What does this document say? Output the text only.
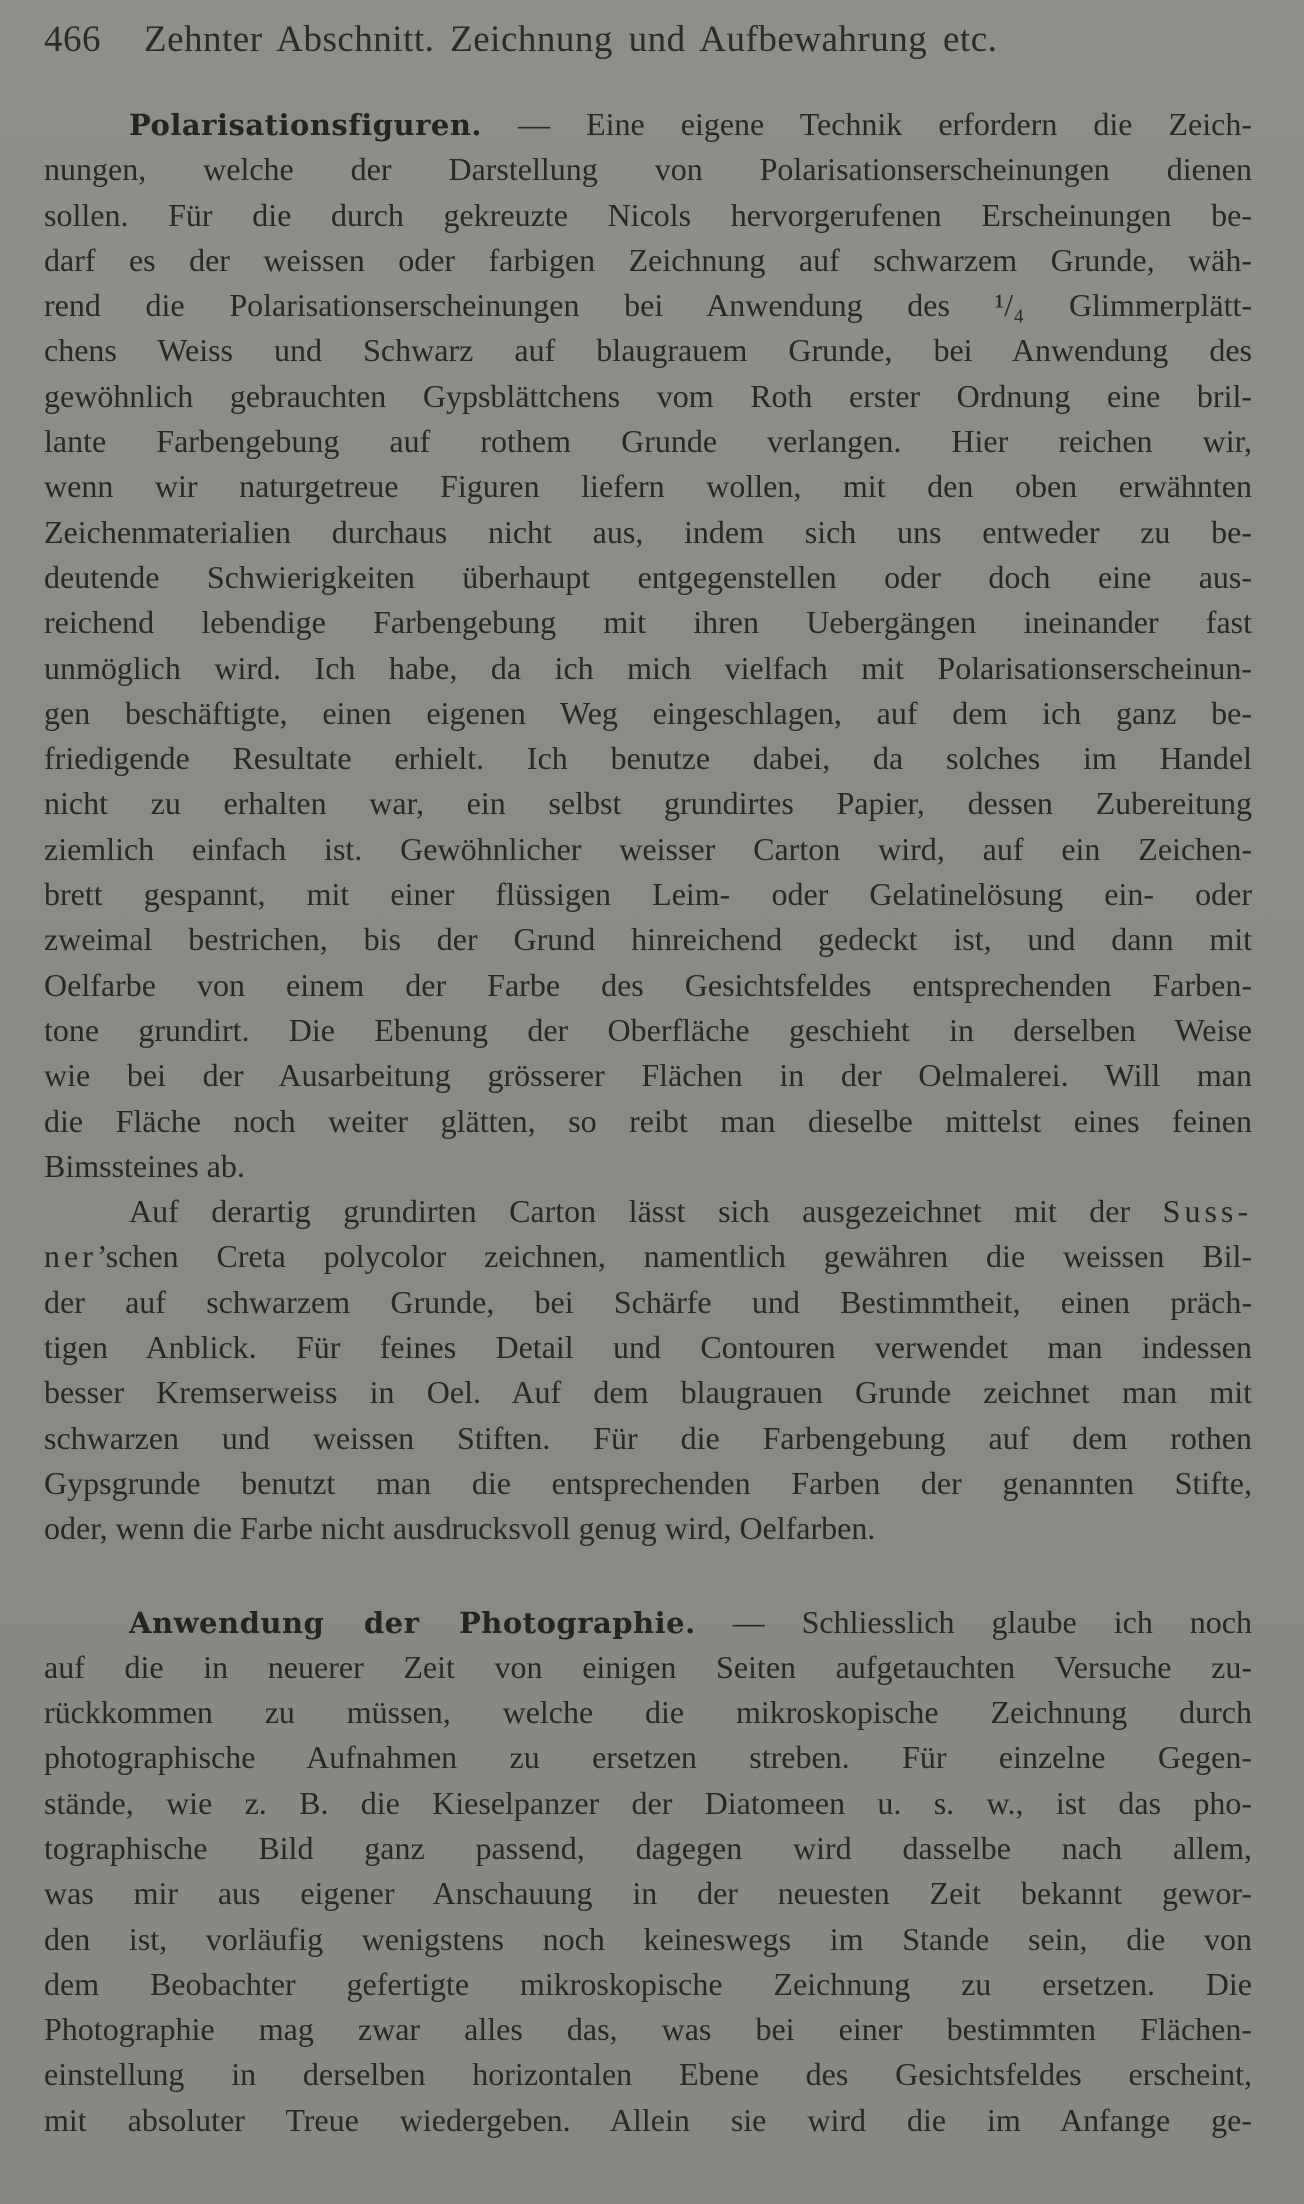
466	Zehnter Abschnitt. Zeichnung und Aufbewahrung etc.
Polarisationsfiguren. — Eine eigene Technik erfordern die Zeich-
nungen, welche der Darstellung von Polarisationserscheinungen dienen
sollen. Für die durch gekreuzte Nicols hervorgerufenen Erscheinungen be-
darf es der weissen oder farbigen Zeichnung auf schwarzem Grunde, wäh-
rend die Polarisationserscheinungen bei Anwendung des ¹/₄ Glimmerplätt-
chens Weiss und Schwarz auf blaugrauem Grunde, bei Anwendung des
gewöhnlich gebrauchten Gypsblättchens vom Roth erster Ordnung eine bril-
lante Farbengebung auf rothem Grunde verlangen. Hier reichen wir,
wenn wir naturgetreue Figuren liefern wollen, mit den oben erwähnten
Zeichenmaterialien durchaus nicht aus, indem sich uns entweder zu be-
deutende Schwierigkeiten überhaupt entgegenstellen oder doch eine aus-
reichend lebendige Farbengebung mit ihren Uebergängen ineinander fast
unmöglich wird. Ich habe, da ich mich vielfach mit Polarisationserscheinun-
gen beschäftigte, einen eigenen Weg eingeschlagen, auf dem ich ganz be-
friedigende Resultate erhielt. Ich benutze dabei, da solches im Handel
nicht zu erhalten war, ein selbst grundirtes Papier, dessen Zubereitung
ziemlich einfach ist. Gewöhnlicher weisser Carton wird, auf ein Zeichen-
brett gespannt, mit einer flüssigen Leim- oder Gelatinelösung ein- oder
zweimal bestrichen, bis der Grund hinreichend gedeckt ist, und dann mit
Oelfarbe von einem der Farbe des Gesichtsfeldes entsprechenden Farben-
tone grundirt. Die Ebenung der Oberfläche geschieht in derselben Weise
wie bei der Ausarbeitung grösserer Flächen in der Oelmalerei. Will man
die Fläche noch weiter glätten, so reibt man dieselbe mittelst eines feinen
Bimssteines ab.
Auf derartig grundirten Carton lässt sich ausgezeichnet mit der Suss-
ner’schen Creta polycolor zeichnen, namentlich gewähren die weissen Bil-
der auf schwarzem Grunde, bei Schärfe und Bestimmtheit, einen präch-
tigen Anblick. Für feines Detail und Contouren verwendet man indessen
besser Kremserweiss in Oel. Auf dem blaugrauen Grunde zeichnet man mit
schwarzen und weissen Stiften. Für die Farbengebung auf dem rothen
Gypsgrunde benutzt man die entsprechenden Farben der genannten Stifte,
oder, wenn die Farbe nicht ausdrucksvoll genug wird, Oelfarben.
Anwendung der Photographie. — Schliesslich glaube ich noch
auf die in neuerer Zeit von einigen Seiten aufgetauchten Versuche zu-
rückkommen zu müssen, welche die mikroskopische Zeichnung durch
photographische Aufnahmen zu ersetzen streben. Für einzelne Gegen-
stände, wie z. B. die Kieselpanzer der Diatomeen u. s. w., ist das pho-
tographische Bild ganz passend, dagegen wird dasselbe nach allem,
was mir aus eigener Anschauung in der neuesten Zeit bekannt gewor-
den ist, vorläufig wenigstens noch keineswegs im Stande sein, die von
dem Beobachter gefertigte mikroskopische Zeichnung zu ersetzen. Die
Photographie mag zwar alles das, was bei einer bestimmten Flächen-
einstellung in derselben horizontalen Ebene des Gesichtsfeldes erscheint,
mit absoluter Treue wiedergeben. Allein sie wird die im Anfange ge-
